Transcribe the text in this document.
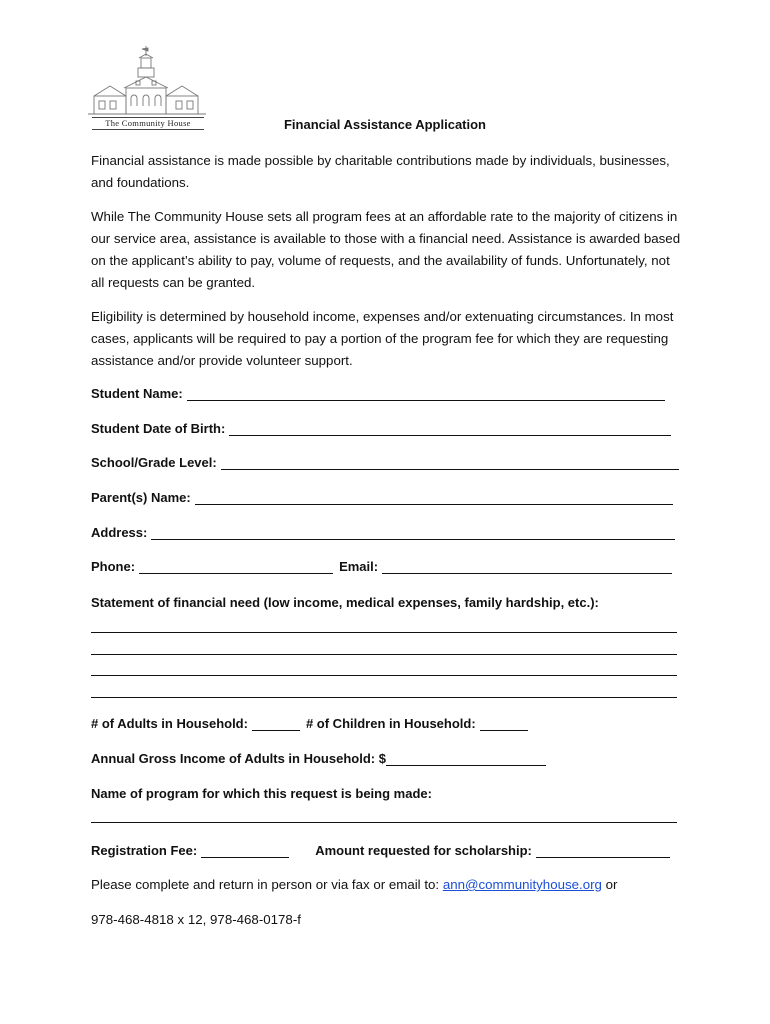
The Community House	Financial Assistance Application
Financial assistance is made possible by charitable contributions made by individuals, businesses, and foundations.
While The Community House sets all program fees at an affordable rate to the majority of citizens in our service area, assistance is available to those with a financial need. Assistance is awarded based on the applicant’s ability to pay, volume of requests, and the availability of funds. Unfortunately, not all requests can be granted.
Eligibility is determined by household income, expenses and/or extenuating circumstances. In most cases, applicants will be required to pay a portion of the program fee for which they are requesting assistance and/or provide volunteer support.
Student Name:
Student Date of Birth:
School/Grade Level:
Parent(s) Name:
Address:
Phone:	Email:
Statement of financial need (low income, medical expenses, family hardship, etc.):
# of Adults in Household:	# of Children in Household:
Annual Gross Income of Adults in Household: $
Name of program for which this request is being made:
Registration Fee:	Amount requested for scholarship:
Please complete and return in person or via fax or email to: ann@communityhouse.org or
978-468-4818 x 12, 978-468-0178-f
